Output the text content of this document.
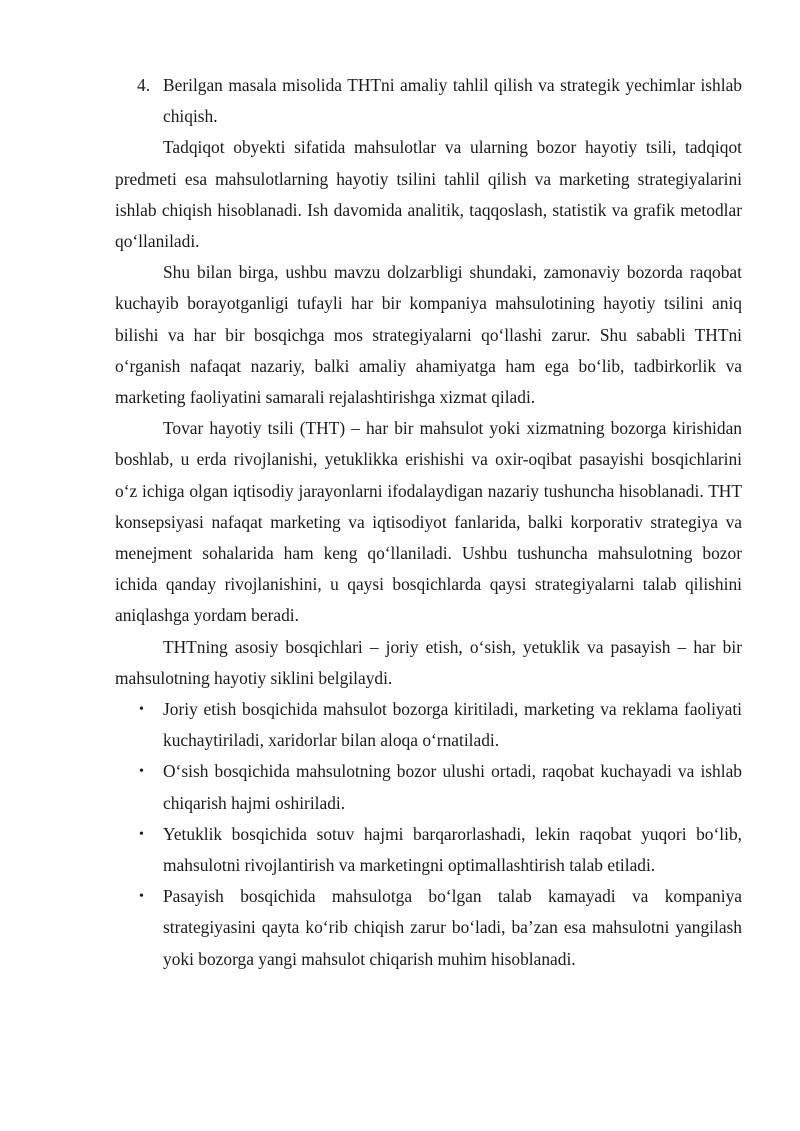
4. Berilgan masala misolida THTni amaliy tahlil qilish va strategik yechimlar ishlab chiqish.

Tadqiqot obyekti sifatida mahsulotlar va ularning bozor hayotiy tsili, tadqiqot predmeti esa mahsulotlarning hayotiy tsilini tahlil qilish va marketing strategiyalarini ishlab chiqish hisoblanadi. Ish davomida analitik, taqqoslash, statistik va grafik metodlar qo‘llaniladi.

Shu bilan birga, ushbu mavzu dolzarbligi shundaki, zamonaviy bozorda raqobat kuchayib borayotganligi tufayli har bir kompaniya mahsulotining hayotiy tsilini aniq bilishi va har bir bosqichga mos strategiyalarni qo‘llashi zarur. Shu sababli THTni o‘rganish nafaqat nazariy, balki amaliy ahamiyatga ham ega bo‘lib, tadbirkorlik va marketing faoliyatini samarali rejalashtirishga xizmat qiladi.

Tovar hayotiy tsili (THT) – har bir mahsulot yoki xizmatning bozorga kirishidan boshlab, u erda rivojlanishi, yetuklikka erishishi va oxir-oqibat pasayishi bosqichlarini o‘z ichiga olgan iqtisodiy jarayonlarni ifodalaydigan nazariy tushuncha hisoblanadi. THT konsepsiyasi nafaqat marketing va iqtisodiyot fanlarida, balki korporativ strategiya va menejment sohalarida ham keng qo‘llaniladi. Ushbu tushuncha mahsulotning bozor ichida qanday rivojlanishini, u qaysi bosqichlarda qaysi strategiyalarni talab qilishini aniqlashga yordam beradi.

THTning asosiy bosqichlari – joriy etish, o‘sish, yetuklik va pasayish – har bir mahsulotning hayotiy siklini belgilaydi.

• Joriy etish bosqichida mahsulot bozorga kiritiladi, marketing va reklama faoliyati kuchaytiriladi, xaridorlar bilan aloqa o‘rnatiladi.
• O‘sish bosqichida mahsulotning bozor ulushi ortadi, raqobat kuchayadi va ishlab chiqarish hajmi oshiriladi.
• Yetuklik bosqichida sotuv hajmi barqarorlashadi, lekin raqobat yuqori bo‘lib, mahsulotni rivojlantirish va marketingni optimallashtirish talab etiladi.
• Pasayish bosqichida mahsulotga bo‘lgan talab kamayadi va kompaniya strategiyasini qayta ko‘rib chiqish zarur bo‘ladi, ba’zan esa mahsulotni yangilash yoki bozorga yangi mahsulot chiqarish muhim hisoblanadi.
